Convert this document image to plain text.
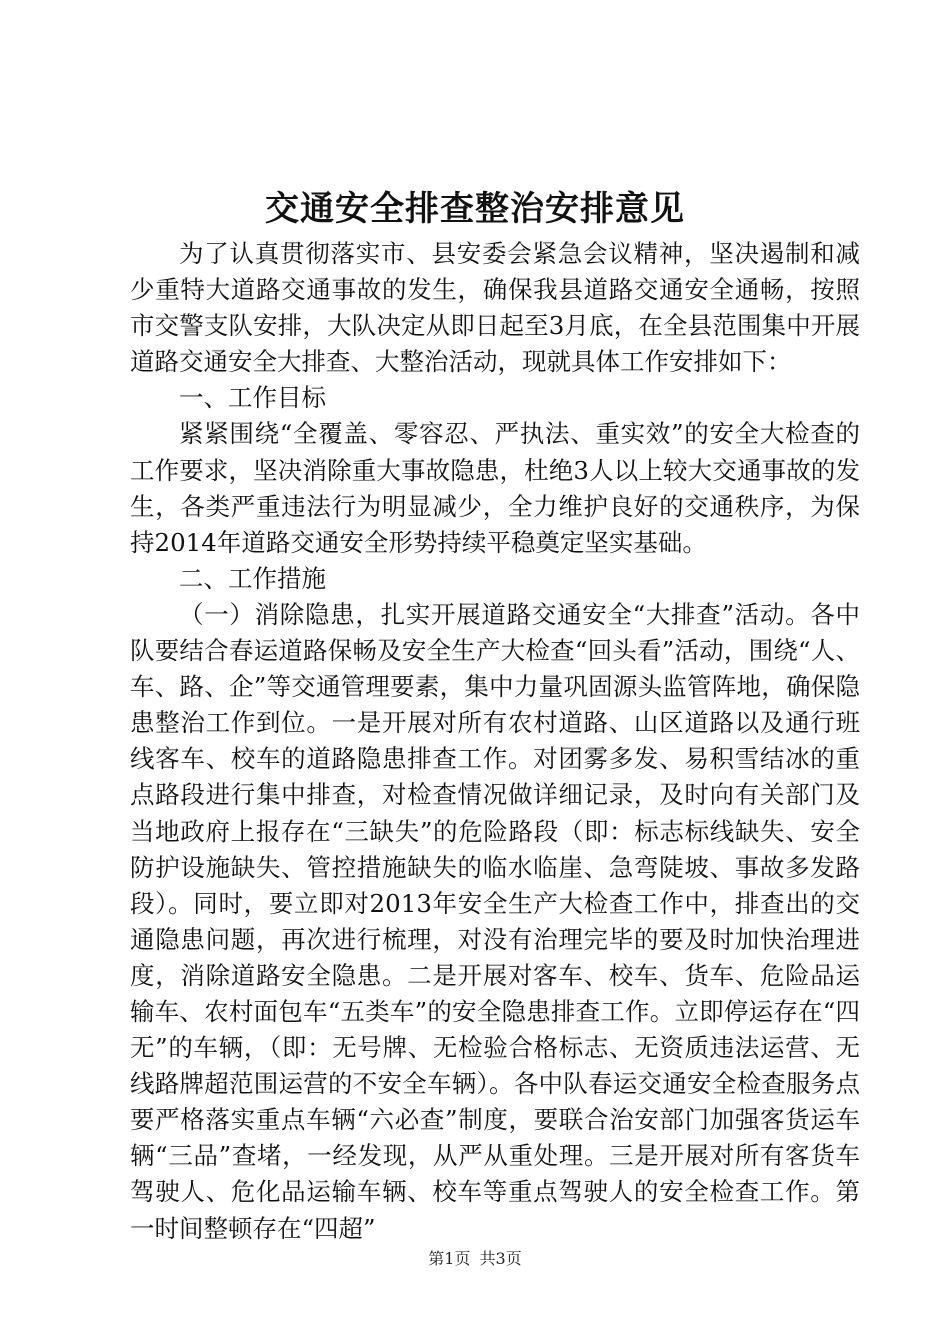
交通安全排查整治安排意见

为了认真贯彻落实市、县安委会紧急会议精神，坚决遏制和减少重特大道路交通事故的发生，确保我县道路交通安全通畅，按照市交警支队安排，大队决定从即日起至3月底，在全县范围集中开展道路交通安全大排查、大整治活动，现就具体工作安排如下：

一、工作目标

紧紧围绕“全覆盖、零容忍、严执法、重实效”的安全大检查的工作要求，坚决消除重大事故隐患，杜绝3人以上较大交通事故的发生，各类严重违法行为明显减少，全力维护良好的交通秩序，为保持2014年道路交通安全形势持续平稳奠定坚实基础。

二、工作措施

（一）消除隐患，扎实开展道路交通安全“大排查”活动。各中队要结合春运道路保畅及安全生产大检查“回头看”活动，围绕“人、车、路、企”等交通管理要素，集中力量巩固源头监管阵地，确保隐患整治工作到位。一是开展对所有农村道路、山区道路以及通行班线客车、校车的道路隐患排查工作。对团雾多发、易积雪结冰的重点路段进行集中排查，对检查情况做详细记录，及时向有关部门及当地政府上报存在“三缺失”的危险路段（即：标志标线缺失、安全防护设施缺失、管控措施缺失的临水临崖、急弯陡坡、事故多发路段）。同时，要立即对2013年安全生产大检查工作中，排查出的交通隐患问题，再次进行梳理，对没有治理完毕的要及时加快治理进度，消除道路安全隐患。二是开展对客车、校车、货车、危险品运输车、农村面包车“五类车”的安全隐患排查工作。立即停运存在“四无”的车辆，（即：无号牌、无检验合格标志、无资质违法运营、无线路牌超范围运营的不安全车辆）。各中队春运交通安全检查服务点要严格落实重点车辆“六必查”制度，要联合治安部门加强客货运车辆“三品”查堵，一经发现，从严从重处理。三是开展对所有客货车驾驶人、危化品运输车辆、校车等重点驾驶人的安全检查工作。第一时间整顿存在“四超”

第1页 共3页
